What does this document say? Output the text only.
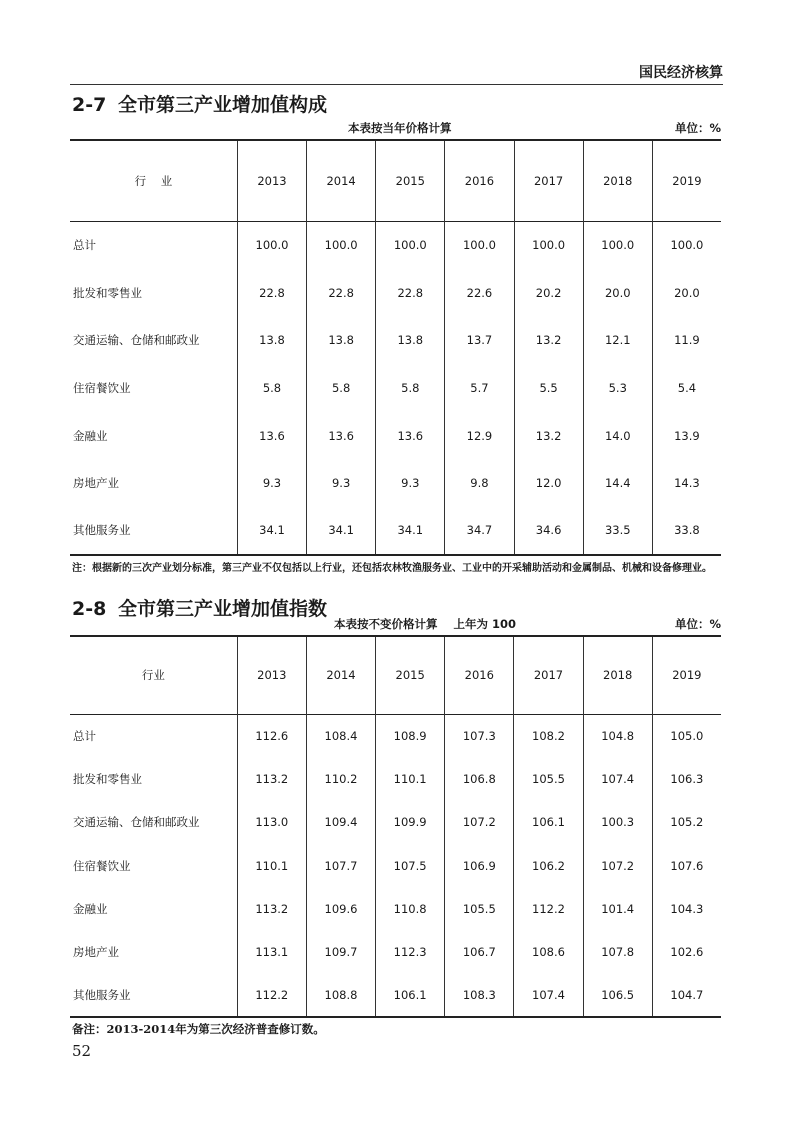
国民经济核算
2-7 全市第三产业增加值构成
本表按当年价格计算	单位：%
行    业	2013	2014	2015	2016	2017	2018	2019
总计	100.0	100.0	100.0	100.0	100.0	100.0	100.0
批发和零售业	22.8	22.8	22.8	22.6	20.2	20.0	20.0
交通运输、仓储和邮政业	13.8	13.8	13.8	13.7	13.2	12.1	11.9
住宿餐饮业	5.8	5.8	5.8	5.7	5.5	5.3	5.4
金融业	13.6	13.6	13.6	12.9	13.2	14.0	13.9
房地产业	9.3	9.3	9.3	9.8	12.0	14.4	14.3
其他服务业	34.1	34.1	34.1	34.7	34.6	33.5	33.8
注：根据新的三次产业划分标准，第三产业不仅包括以上行业，还包括农林牧渔服务业、工业中的开采辅助活动和金属制品、机械和设备修理业。
2-8 全市第三产业增加值指数
本表按不变价格计算    上年为 100	单位：%
行业	2013	2014	2015	2016	2017	2018	2019
总计	112.6	108.4	108.9	107.3	108.2	104.8	105.0
批发和零售业	113.2	110.2	110.1	106.8	105.5	107.4	106.3
交通运输、仓储和邮政业	113.0	109.4	109.9	107.2	106.1	100.3	105.2
住宿餐饮业	110.1	107.7	107.5	106.9	106.2	107.2	107.6
金融业	113.2	109.6	110.8	105.5	112.2	101.4	104.3
房地产业	113.1	109.7	112.3	106.7	108.6	107.8	102.6
其他服务业	112.2	108.8	106.1	108.3	107.4	106.5	104.7
备注：2013-2014年为第三次经济普查修订数。
52
